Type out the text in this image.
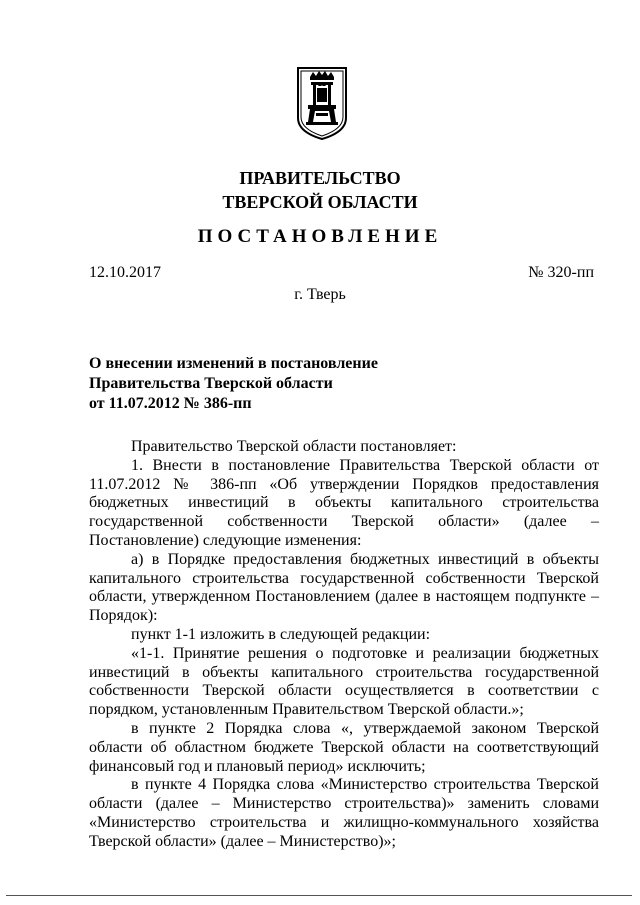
ПРАВИТЕЛЬСТВО
ТВЕРСКОЙ ОБЛАСТИ
ПОСТАНОВЛЕНИЕ
12.10.2017	№ 320-пп
г. Тверь
О внесении изменений в постановление
Правительства Тверской области
от 11.07.2012 № 386-пп

Правительство Тверской области постановляет:

1. Внести в постановление Правительства Тверской области от 11.07.2012 № 386-пп «Об утверждении Порядков предоставления бюджетных инвестиций в объекты капитального строительства государственной собственности Тверской области» (далее – Постановление) следующие изменения:

а) в Порядке предоставления бюджетных инвестиций в объекты капитального строительства государственной собственности Тверской области, утвержденном Постановлением (далее в настоящем подпункте – Порядок):

пункт 1-1 изложить в следующей редакции:

«1-1. Принятие решения о подготовке и реализации бюджетных инвестиций в объекты капитального строительства государственной собственности Тверской области осуществляется в соответствии с порядком, установленным Правительством Тверской области.»;

в пункте 2 Порядка слова «, утверждаемой законом Тверской области об областном бюджете Тверской области на соответствующий финансовый год и плановый период» исключить;

в пункте 4 Порядка слова «Министерство строительства Тверской области (далее – Министерство строительства)» заменить словами «Министерство строительства и жилищно-коммунального хозяйства Тверской области» (далее – Министерство)»;
